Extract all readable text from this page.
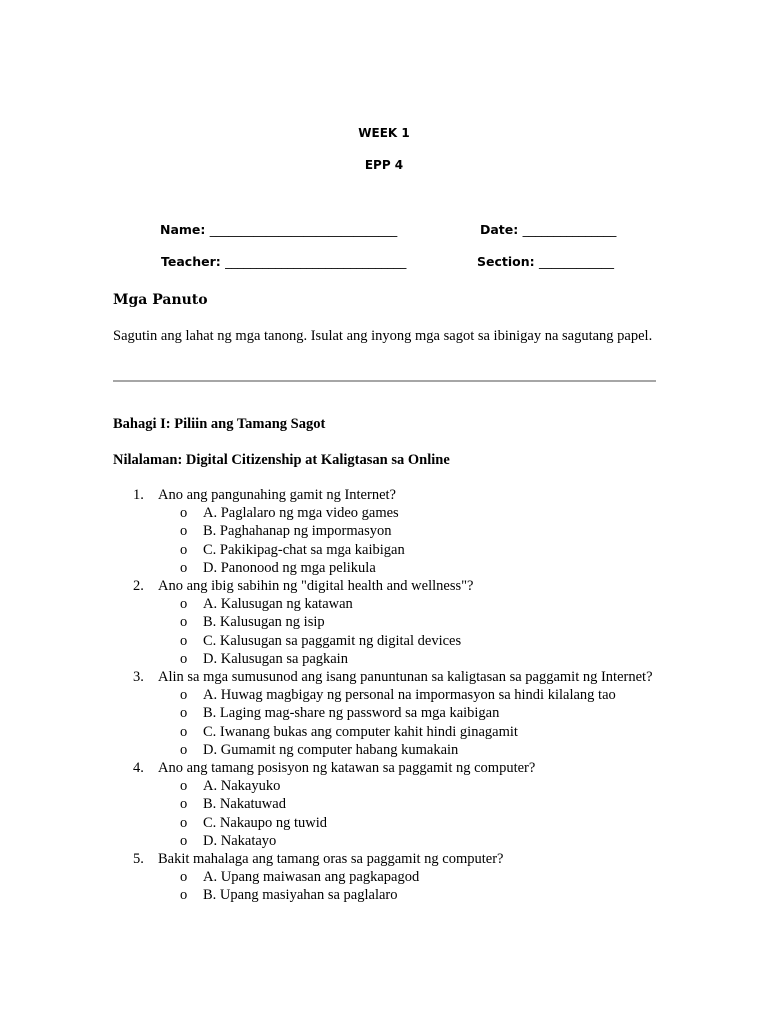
WEEK 1
EPP 4
Name: ______________________________	Date: _______________
Teacher: _____________________________	Section: ____________
Mga Panuto
Sagutin ang lahat ng mga tanong. Isulat ang inyong mga sagot sa ibinigay na sagutang papel.
Bahagi I: Piliin ang Tamang Sagot
Nilalaman: Digital Citizenship at Kaligtasan sa Online
1. Ano ang pangunahing gamit ng Internet?
o A. Paglalaro ng mga video games
o B. Paghahanap ng impormasyon
o C. Pakikipag-chat sa mga kaibigan
o D. Panonood ng mga pelikula
2. Ano ang ibig sabihin ng "digital health and wellness"?
o A. Kalusugan ng katawan
o B. Kalusugan ng isip
o C. Kalusugan sa paggamit ng digital devices
o D. Kalusugan sa pagkain
3. Alin sa mga sumusunod ang isang panuntunan sa kaligtasan sa paggamit ng Internet?
o A. Huwag magbigay ng personal na impormasyon sa hindi kilalang tao
o B. Laging mag-share ng password sa mga kaibigan
o C. Iwanang bukas ang computer kahit hindi ginagamit
o D. Gumamit ng computer habang kumakain
4. Ano ang tamang posisyon ng katawan sa paggamit ng computer?
o A. Nakayuko
o B. Nakatuwad
o C. Nakaupo ng tuwid
o D. Nakatayo
5. Bakit mahalaga ang tamang oras sa paggamit ng computer?
o A. Upang maiwasan ang pagkapagod
o B. Upang masiyahan sa paglalaro
